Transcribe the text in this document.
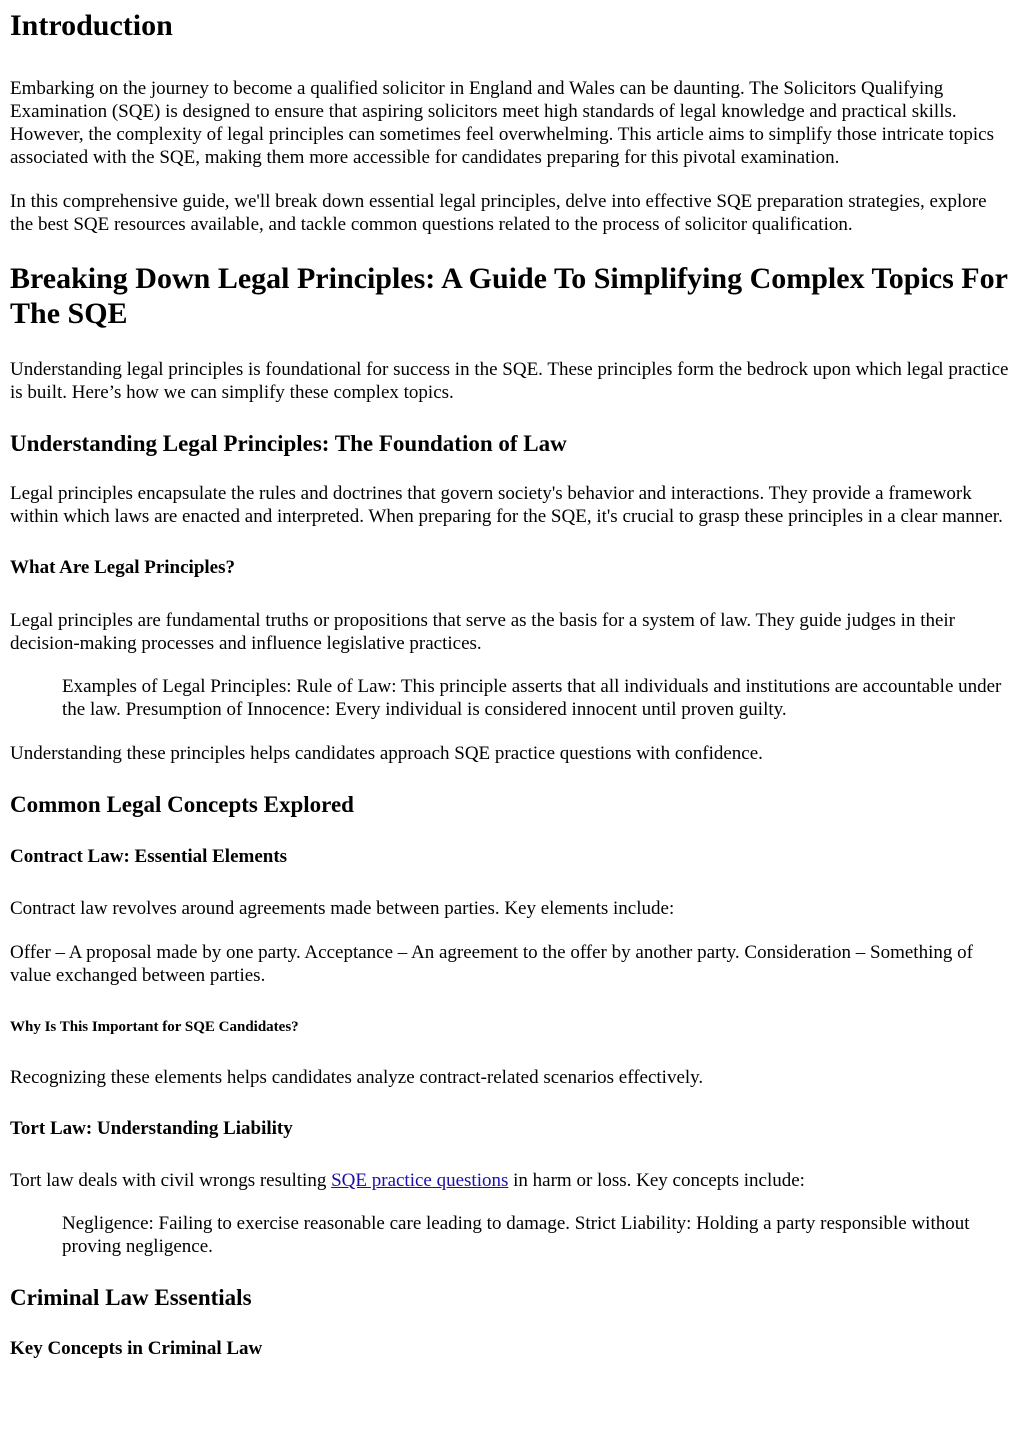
Introduction

Embarking on the journey to become a qualified solicitor in England and Wales can be daunting. The Solicitors Qualifying Examination (SQE) is designed to ensure that aspiring solicitors meet high standards of legal knowledge and practical skills. However, the complexity of legal principles can sometimes feel overwhelming. This article aims to simplify those intricate topics associated with the SQE, making them more accessible for candidates preparing for this pivotal examination.

In this comprehensive guide, we'll break down essential legal principles, delve into effective SQE preparation strategies, explore the best SQE resources available, and tackle common questions related to the process of solicitor qualification.

Breaking Down Legal Principles: A Guide To Simplifying Complex Topics For The SQE

Understanding legal principles is foundational for success in the SQE. These principles form the bedrock upon which legal practice is built. Here’s how we can simplify these complex topics.

Understanding Legal Principles: The Foundation of Law

Legal principles encapsulate the rules and doctrines that govern society's behavior and interactions. They provide a framework within which laws are enacted and interpreted. When preparing for the SQE, it's crucial to grasp these principles in a clear manner.

What Are Legal Principles?

Legal principles are fundamental truths or propositions that serve as the basis for a system of law. They guide judges in their decision-making processes and influence legislative practices.

Examples of Legal Principles: Rule of Law: This principle asserts that all individuals and institutions are accountable under the law. Presumption of Innocence: Every individual is considered innocent until proven guilty.

Understanding these principles helps candidates approach SQE practice questions with confidence.

Common Legal Concepts Explored
Contract Law: Essential Elements

Contract law revolves around agreements made between parties. Key elements include:

Offer – A proposal made by one party. Acceptance – An agreement to the offer by another party. Consideration – Something of value exchanged between parties.

Why Is This Important for SQE Candidates?

Recognizing these elements helps candidates analyze contract-related scenarios effectively.

Tort Law: Understanding Liability

Tort law deals with civil wrongs resulting SQE practice questions in harm or loss. Key concepts include:

Negligence: Failing to exercise reasonable care leading to damage. Strict Liability: Holding a party responsible without proving negligence.
Criminal Law Essentials
Key Concepts in Criminal Law
